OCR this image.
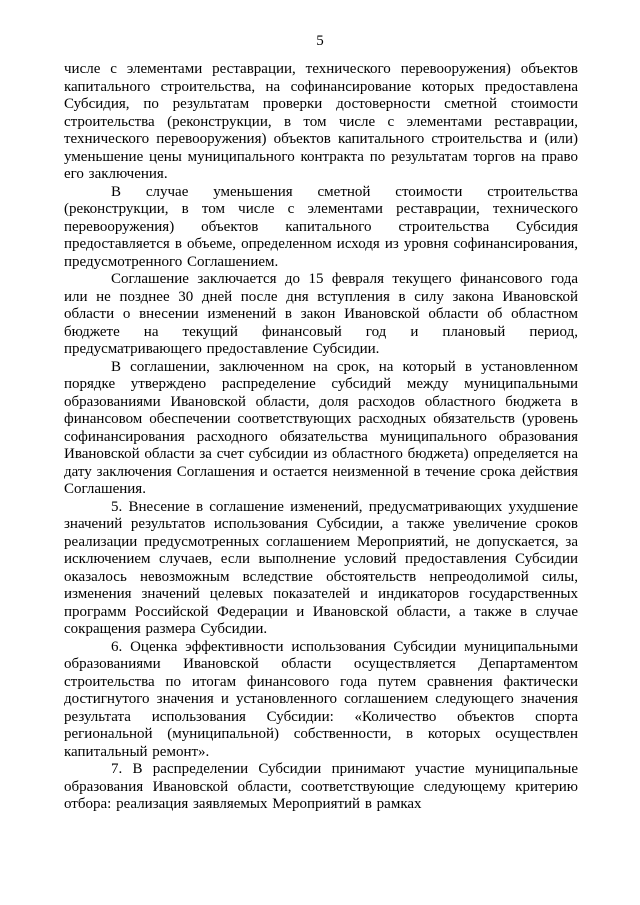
5

числе с элементами реставрации, технического перевооружения) объектов капитального строительства, на софинансирование которых предоставлена Субсидия, по результатам проверки достоверности сметной стоимости строительства (реконструкции, в том числе с элементами реставрации, технического перевооружения) объектов капитального строительства и (или) уменьшение цены муниципального контракта по результатам торгов на право его заключения.

В случае уменьшения сметной стоимости строительства (реконструкции, в том числе с элементами реставрации, технического перевооружения) объектов капитального строительства Субсидия предоставляется в объеме, определенном исходя из уровня софинансирования, предусмотренного Соглашением.

Соглашение заключается до 15 февраля текущего финансового года или не позднее 30 дней после дня вступления в силу закона Ивановской области о внесении изменений в закон Ивановской области об областном бюджете на текущий финансовый год и плановый период, предусматривающего предоставление Субсидии.

В соглашении, заключенном на срок, на который в установленном порядке утверждено распределение субсидий между муниципальными образованиями Ивановской области, доля расходов областного бюджета в финансовом обеспечении соответствующих расходных обязательств (уровень софинансирования расходного обязательства муниципального образования Ивановской области за счет субсидии из областного бюджета) определяется на дату заключения Соглашения и остается неизменной в течение срока действия Соглашения.

5. Внесение в соглашение изменений, предусматривающих ухудшение значений результатов использования Субсидии, а также увеличение сроков реализации предусмотренных соглашением Мероприятий, не допускается, за исключением случаев, если выполнение условий предоставления Субсидии оказалось невозможным вследствие обстоятельств непреодолимой силы, изменения значений целевых показателей и индикаторов государственных программ Российской Федерации и Ивановской области, а также в случае сокращения размера Субсидии.

6. Оценка эффективности использования Субсидии муниципальными образованиями Ивановской области осуществляется Департаментом строительства по итогам финансового года путем сравнения фактически достигнутого значения и установленного соглашением следующего значения результата использования Субсидии: «Количество объектов спорта региональной (муниципальной) собственности, в которых осуществлен капитальный ремонт».

7. В распределении Субсидии принимают участие муниципальные образования Ивановской области, соответствующие следующему критерию отбора: реализация заявляемых Мероприятий в рамках
